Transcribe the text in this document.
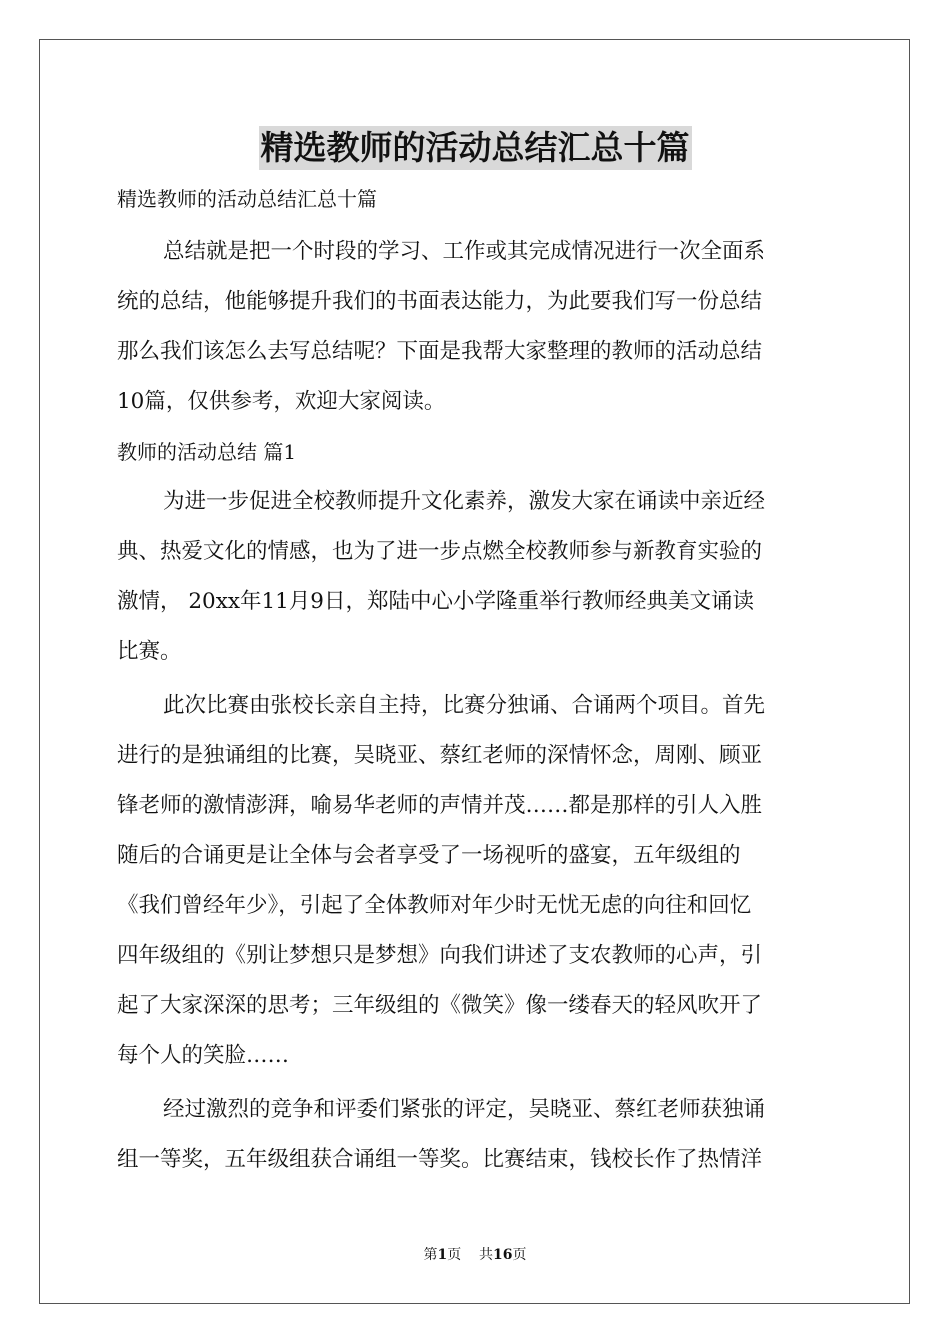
精选教师的活动总结汇总十篇
精选教师的活动总结汇总十篇
总结就是把一个时段的学习、工作或其完成情况进行一次全面系
统的总结，他能够提升我们的书面表达能力，为此要我们写一份总结
那么我们该怎么去写总结呢？下面是我帮大家整理的教师的活动总结
10篇，仅供参考，欢迎大家阅读。
教师的活动总结 篇1
为进一步促进全校教师提升文化素养，激发大家在诵读中亲近经
典、热爱文化的情感，也为了进一步点燃全校教师参与新教育实验的
激情， 20xx年11月9日，郑陆中心小学隆重举行教师经典美文诵读
比赛。
此次比赛由张校长亲自主持，比赛分独诵、合诵两个项目。首先
进行的是独诵组的比赛，吴晓亚、蔡红老师的深情怀念，周刚、顾亚
锋老师的激情澎湃，喻易华老师的声情并茂……都是那样的引人入胜
随后的合诵更是让全体与会者享受了一场视听的盛宴，五年级组的
《我们曾经年少》，引起了全体教师对年少时无忧无虑的向往和回忆
四年级组的《别让梦想只是梦想》向我们讲述了支农教师的心声，引
起了大家深深的思考；三年级组的《微笑》像一缕春天的轻风吹开了
每个人的笑脸……
经过激烈的竞争和评委们紧张的评定，吴晓亚、蔡红老师获独诵
组一等奖，五年级组获合诵组一等奖。比赛结束，钱校长作了热情洋
第1页 共16页
